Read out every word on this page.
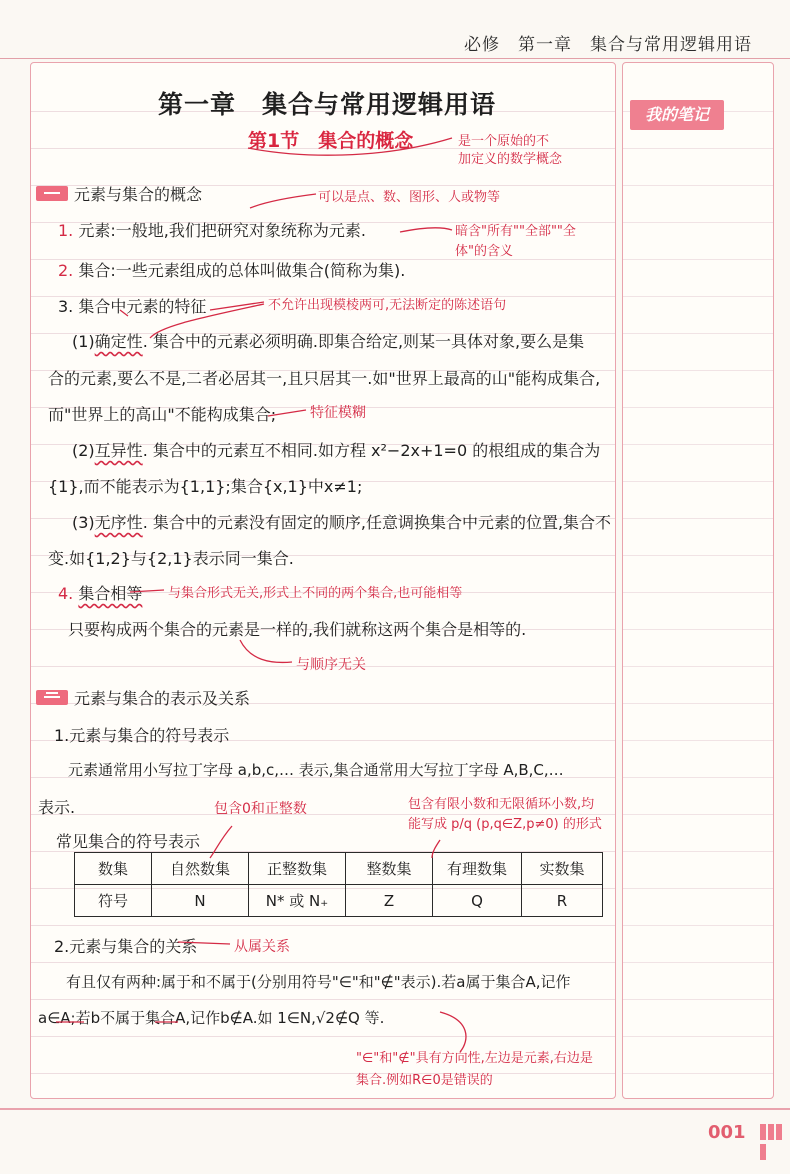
必修　第一章　集合与常用逻辑用语
我的笔记
001
第一章　集合与常用逻辑用语
第1节　集合的概念	是一个原始的不
加定义的数学概念
元素与集合的概念
1. 元素:一般地,我们把研究对象统称为元素.
可以是点、数、图形、人或物等
暗含"所有""全部""全
体"的含义
2. 集合:一些元素组成的总体叫做集合(简称为集).
3. 集合中元素的特征	不允许出现模棱两可,无法断定的陈述语句
(1)确定性. 集合中的元素必须明确.即集合给定,则某一具体对象,要么是集
合的元素,要么不是,二者必居其一,且只居其一.如"世界上最高的山"能构成集合,
而"世界上的高山"不能构成集合; 特征模糊
(2)互异性. 集合中的元素互不相同.如方程 x²−2x+1=0 的根组成的集合为
{1},而不能表示为{1,1};集合{x,1}中x≠1;
(3)无序性. 集合中的元素没有固定的顺序,任意调换集合中元素的位置,集合不
变.如{1,2}与{2,1}表示同一集合.
4. 集合相等 与集合形式无关,形式上不同的两个集合,也可能相等
只要构成两个集合的元素是一样的,我们就称这两个集合是相等的.
与顺序无关
元素与集合的表示及关系
1.元素与集合的符号表示
元素通常用小写拉丁字母 a,b,c,… 表示,集合通常用大写拉丁字母 A,B,C,…
表示.	包含0和正整数	包含有限小数和无限循环小数,均
能写成 p/q (p,q∈Z,p≠0) 的形式
常见集合的符号表示
数集	自然数集	正整数集	整数集	有理数集	实数集
符号	N	N* 或 N₊	Z	Q	R
2.元素与集合的关系	从属关系
有且仅有两种:属于和不属于(分别用符号"∈"和"∉"表示).若a属于集合A,记作
a∈A;若b不属于集合A,记作b∉A.如 1∈N,√2∉Q 等.
"∈"和"∉"具有方向性,左边是元素,右边是
集合.例如R∈0是错误的
